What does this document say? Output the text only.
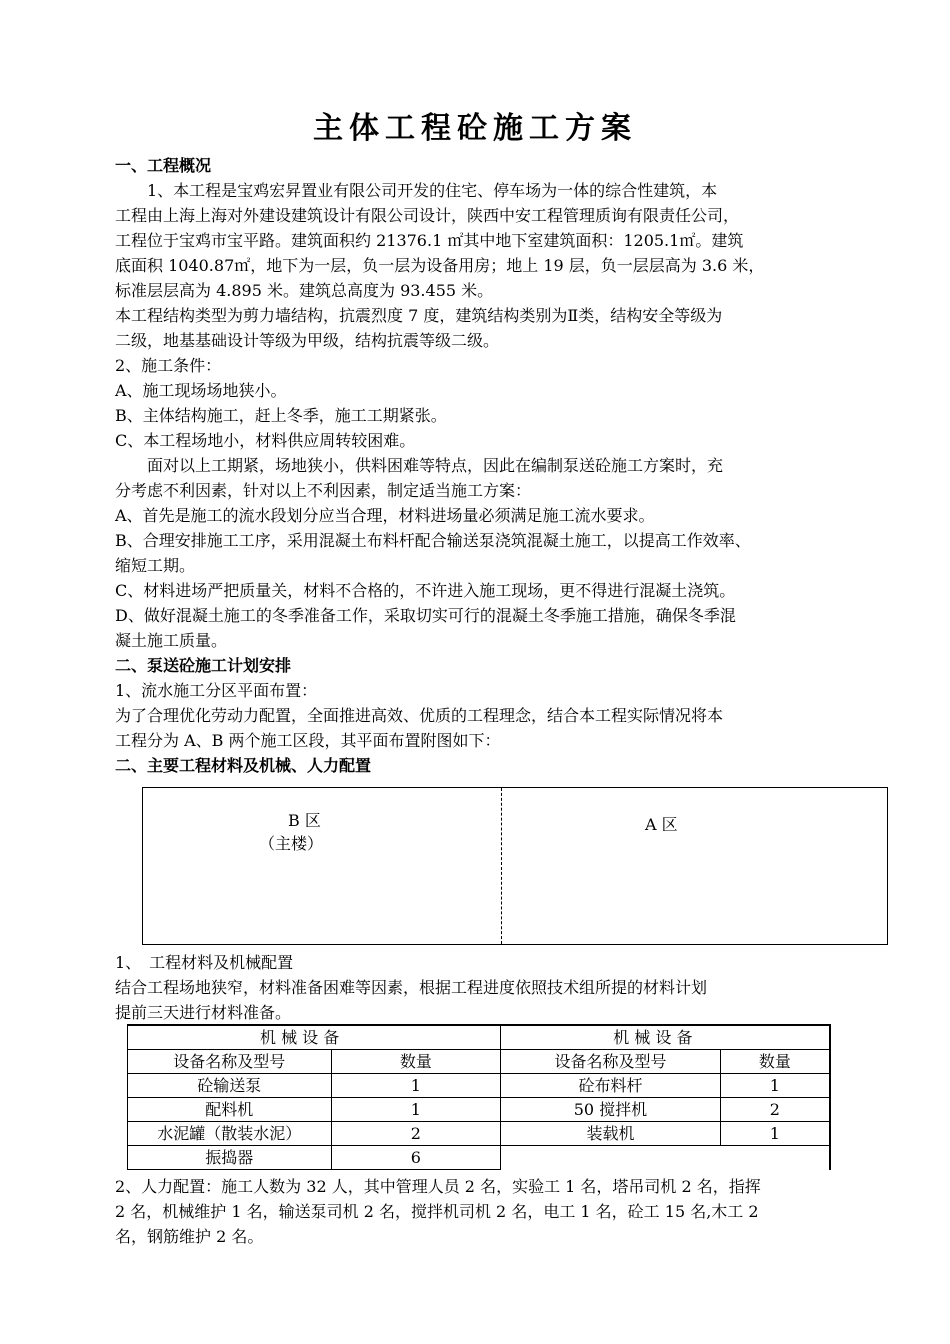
主体工程砼施工方案
一、工程概况
　　1、本工程是宝鸡宏昇置业有限公司开发的住宅、停车场为一体的综合性建筑，本
工程由上海上海对外建设建筑设计有限公司设计，陕西中安工程管理质询有限责任公司，
工程位于宝鸡市宝平路。建筑面积约 21376.1 ㎡其中地下室建筑面积：1205.1㎡。建筑
底面积 1040.87㎡，地下为一层，负一层为设备用房；地上 19 层，负一层层高为 3.6 米，
标准层层高为 4.895 米。建筑总高度为 93.455 米。
本工程结构类型为剪力墙结构，抗震烈度 7 度，建筑结构类别为Ⅱ类，结构安全等级为
二级，地基基础设计等级为甲级，结构抗震等级二级。
2、施工条件：
A、施工现场场地狭小。
B、主体结构施工，赶上冬季，施工工期紧张。
C、本工程场地小，材料供应周转较困难。
　　面对以上工期紧，场地狭小，供料困难等特点，因此在编制泵送砼施工方案时，充
分考虑不利因素，针对以上不利因素，制定适当施工方案：
A、首先是施工的流水段划分应当合理，材料进场量必须满足施工流水要求。
B、合理安排施工工序，采用混凝土布料杆配合输送泵浇筑混凝土施工，以提高工作效率、
缩短工期。
C、材料进场严把质量关，材料不合格的，不许进入施工现场，更不得进行混凝土浇筑。
D、做好混凝土施工的冬季准备工作，采取切实可行的混凝土冬季施工措施，确保冬季混
凝土施工质量。
二、泵送砼施工计划安排
1、流水施工分区平面布置：
为了合理优化劳动力配置，全面推进高效、优质的工程理念，结合本工程实际情况将本
工程分为 A、B 两个施工区段，其平面布置附图如下：
二、主要工程材料及机械、人力配置
B 区
（主楼）
A 区
1、　工程材料及机械配置
结合工程场地狭窄，材料准备困难等因素，根据工程进度依照技术组所提的材料计划
提前三天进行材料准备。
机 械 设 备		机 械 设 备	
设备名称及型号	数量	设备名称及型号	数量
砼输送泵	1	砼布料杆	1
配料机	1	50 搅拌机	2
水泥罐（散装水泥）	2	装载机	1
振捣器	6		
2、人力配置：施工人数为 32 人，其中管理人员 2 名，实验工 1 名，塔吊司机 2 名，指挥
2 名，机械维护 1 名，输送泵司机 2 名，搅拌机司机 2 名，电工 1 名，砼工 15 名,木工 2
名，钢筋维护 2 名。
